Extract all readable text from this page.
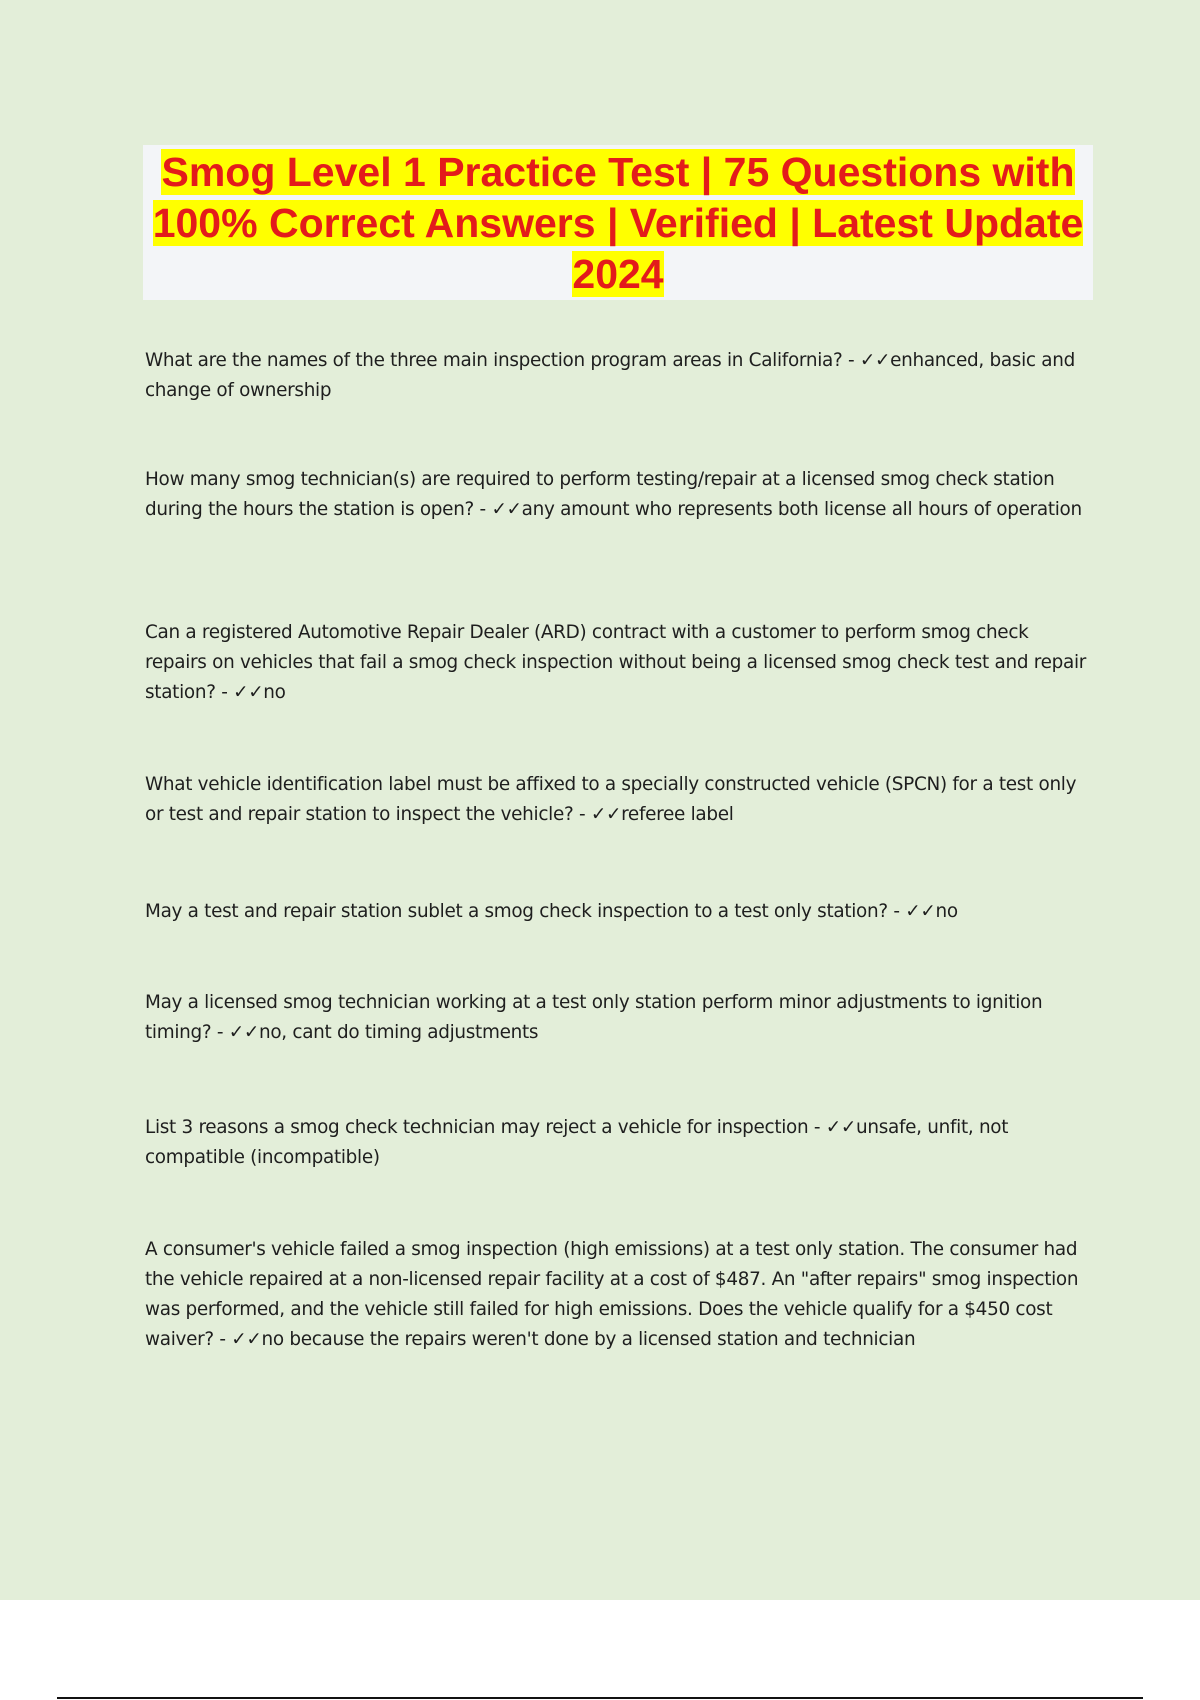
Smog Level 1 Practice Test | 75 Questions with 100% Correct Answers | Verified | Latest Update 2024

What are the names of the three main inspection program areas in California? - ✓✓enhanced, basic and change of ownership

How many smog technician(s) are required to perform testing/repair at a licensed smog check station during the hours the station is open? - ✓✓any amount who represents both license all hours of operation

Can a registered Automotive Repair Dealer (ARD) contract with a customer to perform smog check repairs on vehicles that fail a smog check inspection without being a licensed smog check test and repair station? - ✓✓no

What vehicle identification label must be affixed to a specially constructed vehicle (SPCN) for a test only or test and repair station to inspect the vehicle? - ✓✓referee label

May a test and repair station sublet a smog check inspection to a test only station? - ✓✓no

May a licensed smog technician working at a test only station perform minor adjustments to ignition timing? - ✓✓no, cant do timing adjustments

List 3 reasons a smog check technician may reject a vehicle for inspection - ✓✓unsafe, unfit, not compatible (incompatible)

A consumer's vehicle failed a smog inspection (high emissions) at a test only station. The consumer had the vehicle repaired at a non-licensed repair facility at a cost of $487. An "after repairs" smog inspection was performed, and the vehicle still failed for high emissions. Does the vehicle qualify for a $450 cost waiver? - ✓✓no because the repairs weren't done by a licensed station and technician
